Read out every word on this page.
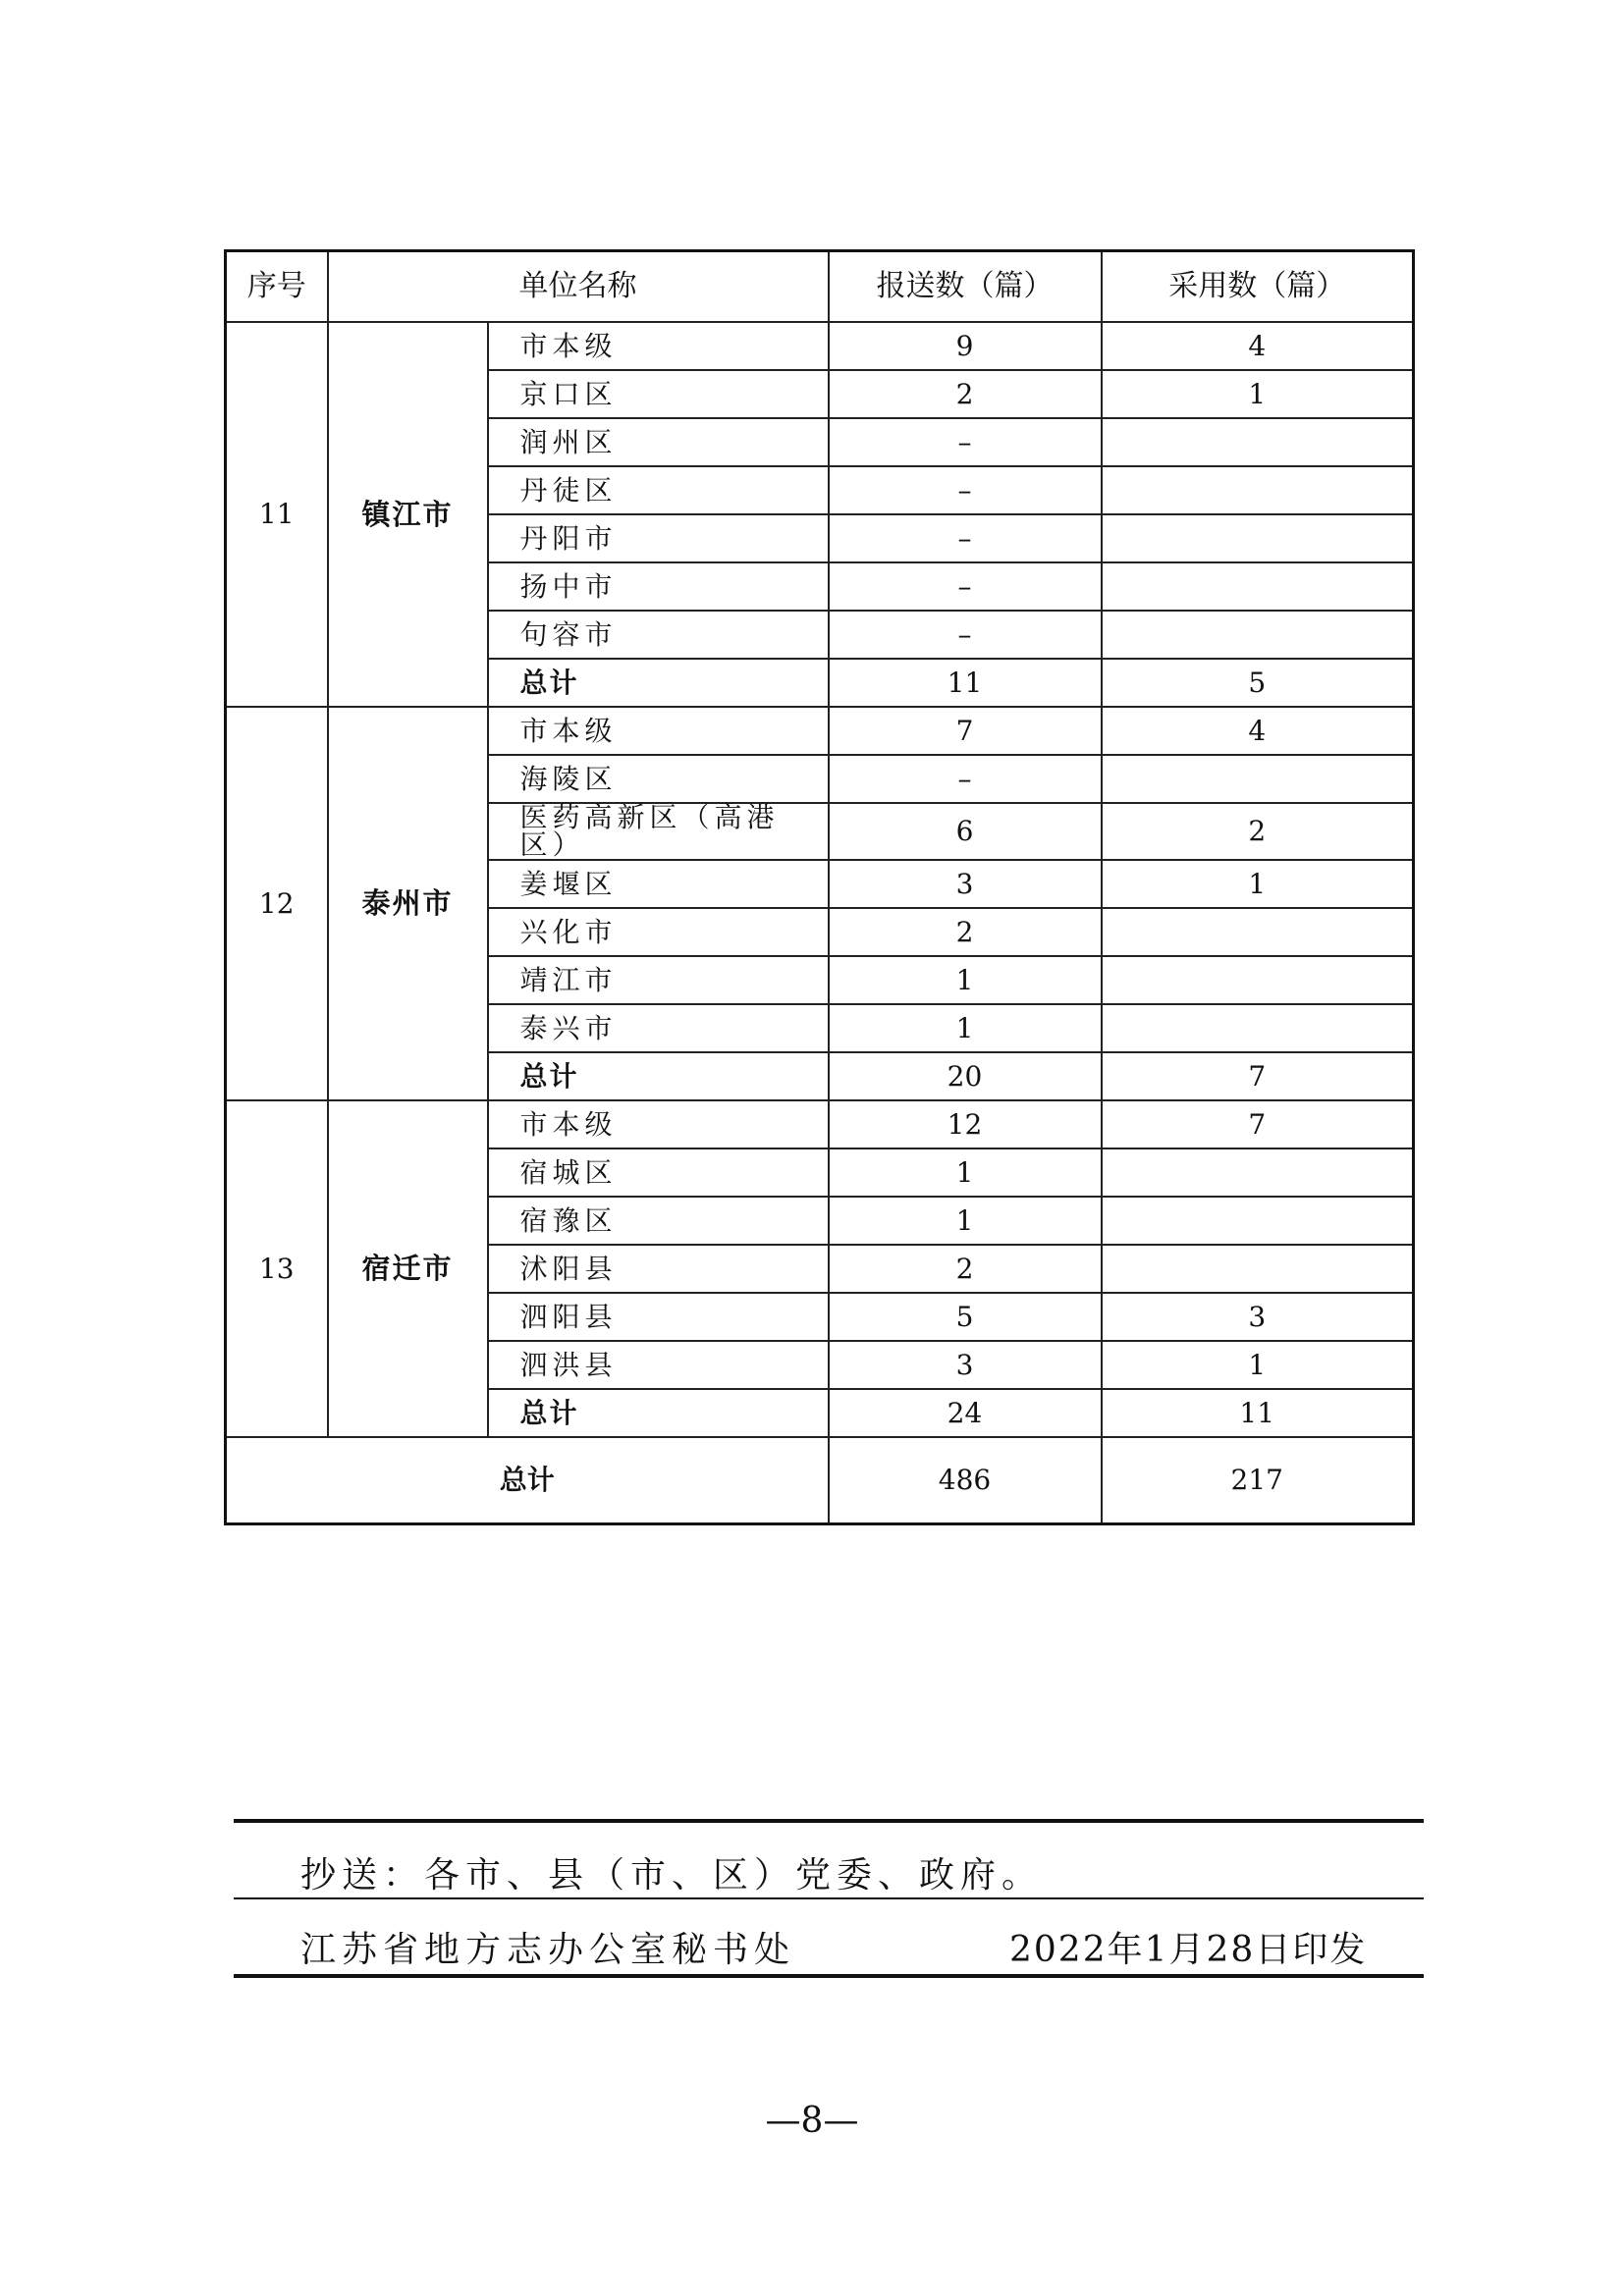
序号	单位名称		报送数（篇）	采用数（篇）
11	镇江市	市本级	9	4
		京口区	2	1
		润州区	–	
		丹徒区	–	
		丹阳市	–	
		扬中市	–	
		句容市	–	
		总计	11	5
12	泰州市	市本级	7	4
		海陵区	–	
		医药高新区（高港区）	6	2
		姜堰区	3	1
		兴化市	2	
		靖江市	1	
		泰兴市	1	
		总计	20	7
13	宿迁市	市本级	12	7
		宿城区	1	
		宿豫区	1	
		沭阳县	2	
		泗阳县	5	3
		泗洪县	3	1
		总计	24	11
总计			486	217
抄送：各市、县（市、区）党委、政府。
江苏省地方志办公室秘书处	2022年1月28日印发
—8—
